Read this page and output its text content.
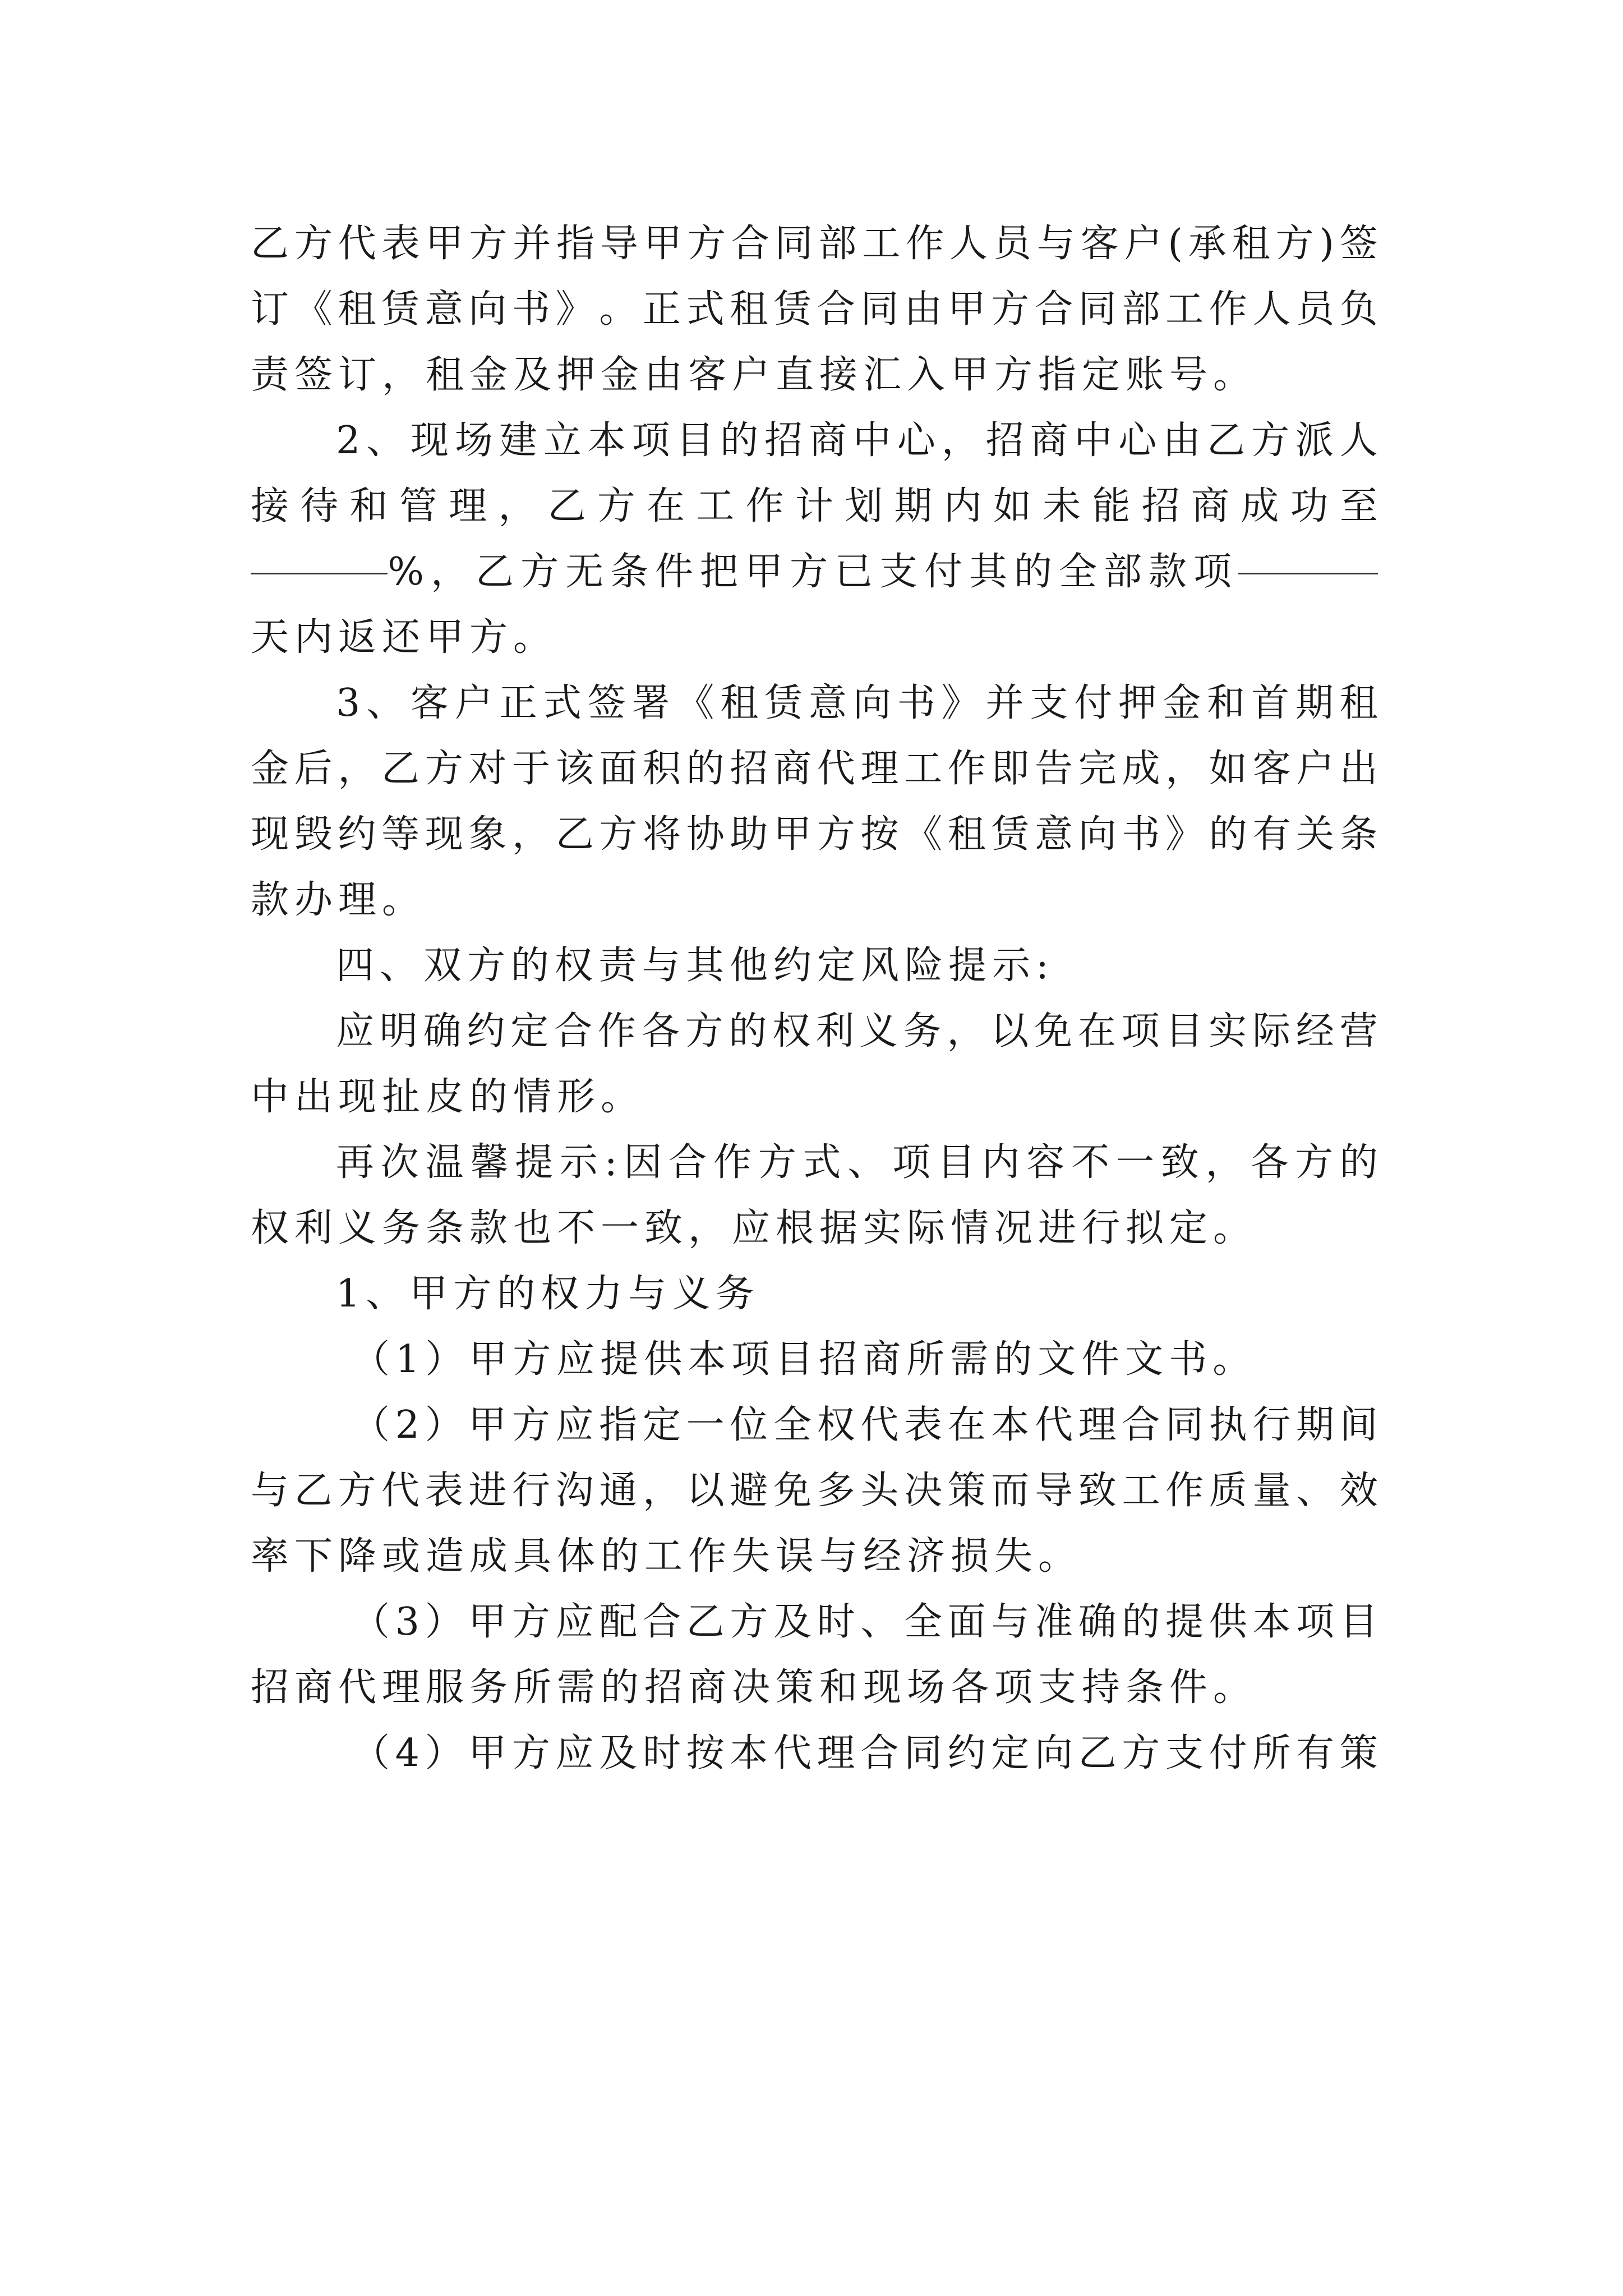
乙 方 代 表 甲 方 并 指 导 甲 方 合 同 部 工 作 人 员 与 客 户 ( 承 租 方 ) 签
订 《 租 赁 意 向 书 》 。 正 式 租 赁 合 同 由 甲 方 合 同 部 工 作 人 员 负
责签订，租金及押金由客户直接汇入甲方指定账号。
2 、 现 场 建 立 本 项 目 的 招 商 中 心 ， 招 商 中 心 由 乙 方 派 人
接 待 和 管 理 ， 乙 方 在 工 作 计 划 期 内 如 未 能 招 商 成 功 至
%，乙方无条件把甲方已支付其的全部款项
天内返还甲方。
3 、 客 户 正 式 签 署 《 租 赁 意 向 书 》 并 支 付 押 金 和 首 期 租
金 后 ， 乙 方 对 于 该 面 积 的 招 商 代 理 工 作 即 告 完 成 ， 如 客 户 出
现 毁 约 等 现 象 ， 乙 方 将 协 助 甲 方 按 《 租 赁 意 向 书 》 的 有 关 条
款办理。
四、双方的权责与其他约定风险提示:
应 明 确 约 定 合 作 各 方 的 权 利 义 务 ， 以 免 在 项 目 实 际 经 营
中出现扯皮的情形。
再 次 温 馨 提 示 : 因 合 作 方 式 、 项 目 内 容 不 一 致 ， 各 方 的
权利义务条款也不一致，应根据实际情况进行拟定。
1、甲方的权力与义务
（1）甲方应提供本项目招商所需的文件文书。
（ 2 ） 甲 方 应 指 定 一 位 全 权 代 表 在 本 代 理 合 同 执 行 期 间
与 乙 方 代 表 进 行 沟 通 ， 以 避 免 多 头 决 策 而 导 致 工 作 质 量 、 效
率下降或造成具体的工作失误与经济损失。
（ 3 ） 甲 方 应 配 合 乙 方 及 时 、 全 面 与 准 确 的 提 供 本 项 目
招商代理服务所需的招商决策和现场各项支持条件。
（ 4 ） 甲 方 应 及 时 按 本 代 理 合 同 约 定 向 乙 方 支 付 所 有 策
